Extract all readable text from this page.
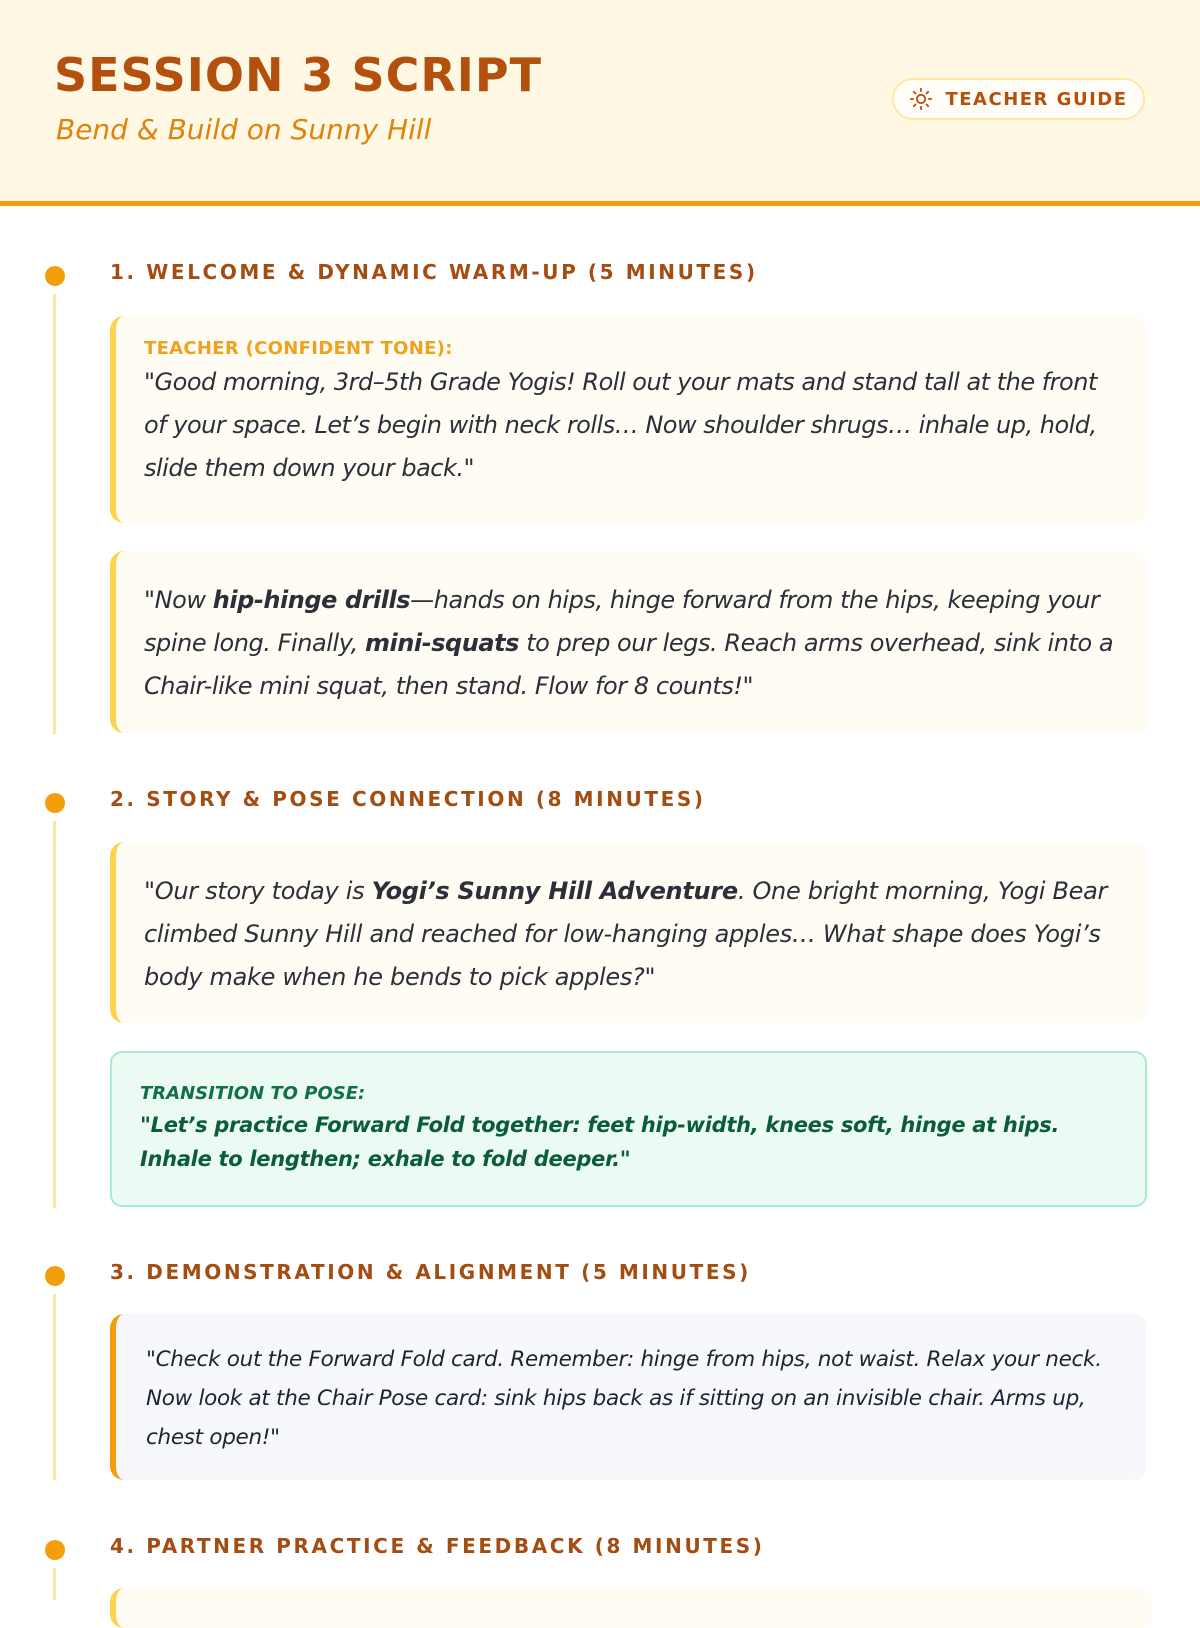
SESSION 3 SCRIPT
Bend & Build on Sunny Hill
TEACHER GUIDE
1. WELCOME & DYNAMIC WARM-UP (5 MINUTES)

TEACHER (CONFIDENT TONE):

"Good morning, 3rd–5th Grade Yogis! Roll out your mats and stand tall at the front of your space. Let’s begin with neck rolls… Now shoulder shrugs… inhale up, hold, slide them down your back."

"Now hip-hinge drills—hands on hips, hinge forward from the hips, keeping your spine long. Finally, mini-squats to prep our legs. Reach arms overhead, sink into a Chair-like mini squat, then stand. Flow for 8 counts!"

2. STORY & POSE CONNECTION (8 MINUTES)

"Our story today is Yogi’s Sunny Hill Adventure. One bright morning, Yogi Bear climbed Sunny Hill and reached for low-hanging apples… What shape does Yogi’s body make when he bends to pick apples?"

TRANSITION TO POSE:

"Let’s practice Forward Fold together: feet hip-width, knees soft, hinge at hips. Inhale to lengthen; exhale to fold deeper."

3. DEMONSTRATION & ALIGNMENT (5 MINUTES)

"Check out the Forward Fold card. Remember: hinge from hips, not waist. Relax your neck. Now look at the Chair Pose card: sink hips back as if sitting on an invisible chair. Arms up, chest open!"

4. PARTNER PRACTICE & FEEDBACK (8 MINUTES)
